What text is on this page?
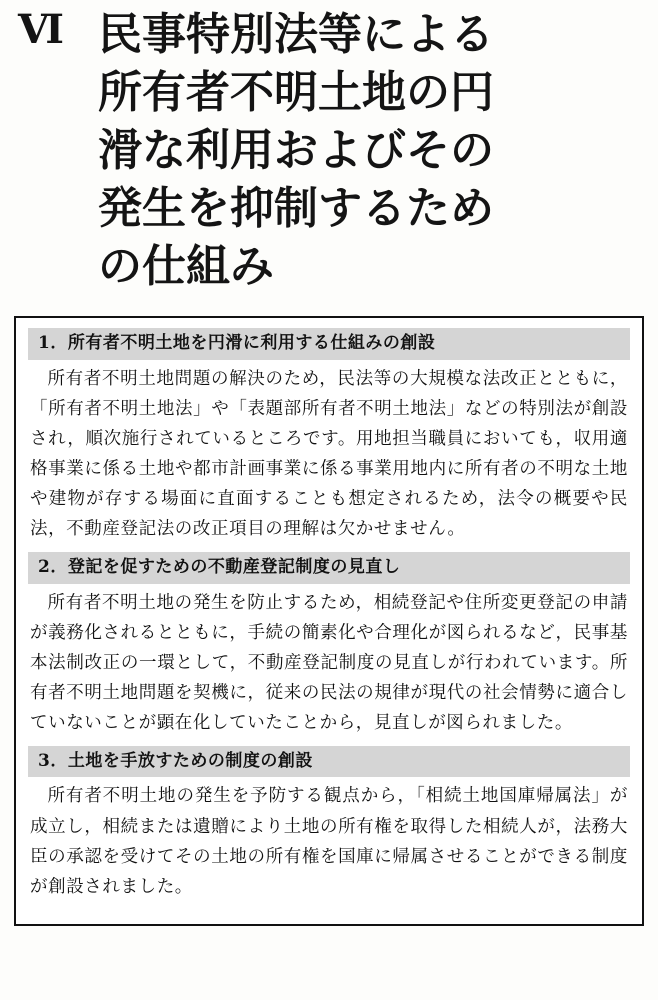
Ⅵ 民事特別法等による
所有者不明土地の円
滑な利用およびその
発生を抑制するため
の仕組み
1．所有者不明土地を円滑に利用する仕組みの創設
所有者不明土地問題の解決のため，民法等の大規模な法改正とともに，「所有者不明土地法」や「表題部所有者不明土地法」などの特別法が創設され，順次施行されているところです。用地担当職員においても，収用適格事業に係る土地や都市計画事業に係る事業用地内に所有者の不明な土地や建物が存する場面に直面することも想定されるため，法令の概要や民法，不動産登記法の改正項目の理解は欠かせません。
2．登記を促すための不動産登記制度の見直し
所有者不明土地の発生を防止するため，相続登記や住所変更登記の申請が義務化されるとともに，手続の簡素化や合理化が図られるなど，民事基本法制改正の一環として，不動産登記制度の見直しが行われています。所有者不明土地問題を契機に，従来の民法の規律が現代の社会情勢に適合していないことが顕在化していたことから，見直しが図られました。
3．土地を手放すための制度の創設
所有者不明土地の発生を予防する観点から，「相続土地国庫帰属法」が成立し，相続または遺贈により土地の所有権を取得した相続人が，法務大臣の承認を受けてその土地の所有権を国庫に帰属させることができる制度が創設されました。
